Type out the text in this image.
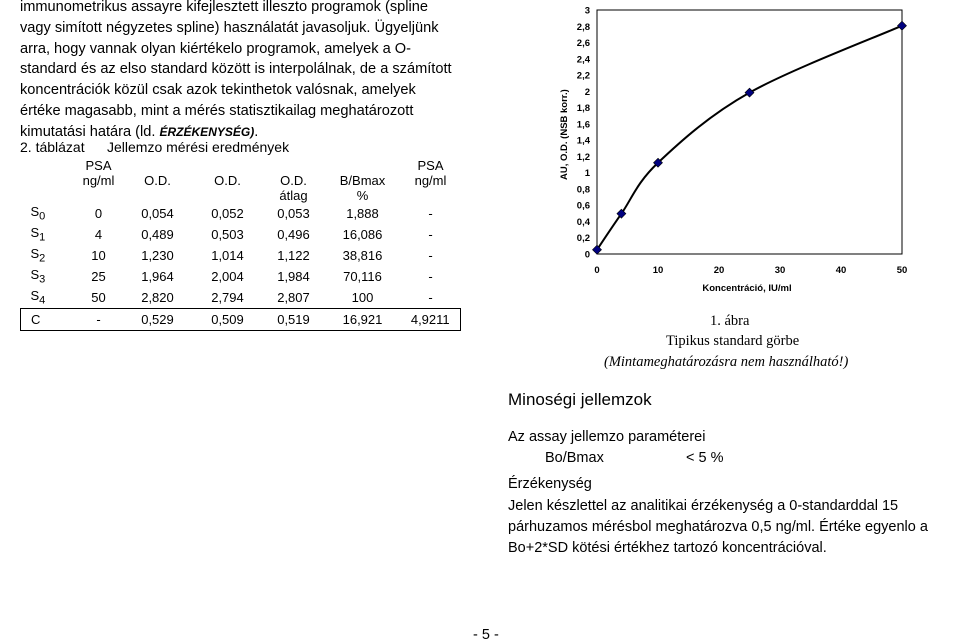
immunometrikus assayre kifejlesztett illeszto programok (spline
vagy simított négyzetes spline) használatát javasoljuk. Ügyeljünk
arra, hogy vannak olyan kiértékelo programok, amelyek a O-
standard és az elso standard között is interpolálnak, de a számított
koncentrációk közül csak azok tekinthetok valósnak, amelyek
értéke magasabb, mint a mérés statisztikailag meghatározott
kimutatási határa (ld. ÉRZÉKENYSÉG).
2. táblázat Jellemzo mérési eredmények
	PSA					PSA
	ng/ml	O.D.	O.D.	O.D.	B/Bmax	ng/ml
				átlag	%	
$S_0$	0	0,054	0,052	0,053	1,888	-
$S_1$	4	0,489	0,503	0,496	16,086	-
$S_2$	10	1,230	1,014	1,122	38,816	-
$S_3$	25	1,964	2,004	1,984	70,116	-
$S_4$	50	2,820	2,794	2,807	100	-
C	-	0,529	0,509	0,519	16,921	4,9211
AU, O.D. (NSB korr.)
Koncentráció, IU/ml
0
0,2
0,4
0,6
0,8
1
1,2
1,4
1,6
1,8
2
2,2
2,4
2,6
2,8
3
0	10	20	30	40	50
1. ábra
Tipikus standard görbe
(Mintameghatározásra nem használható!)
Minoségi jellemzok
Az assay jellemzo paraméterei
Bo/Bmax	< 5 %
Érzékenység
Jelen készlettel az analitikai érzékenység a 0-standarddal 15
párhuzamos mérésbol meghatározva 0,5 ng/ml. Értéke egyenlo a
Bo+2*SD kötési értékhez tartozó koncentrációval.
- 5 -
